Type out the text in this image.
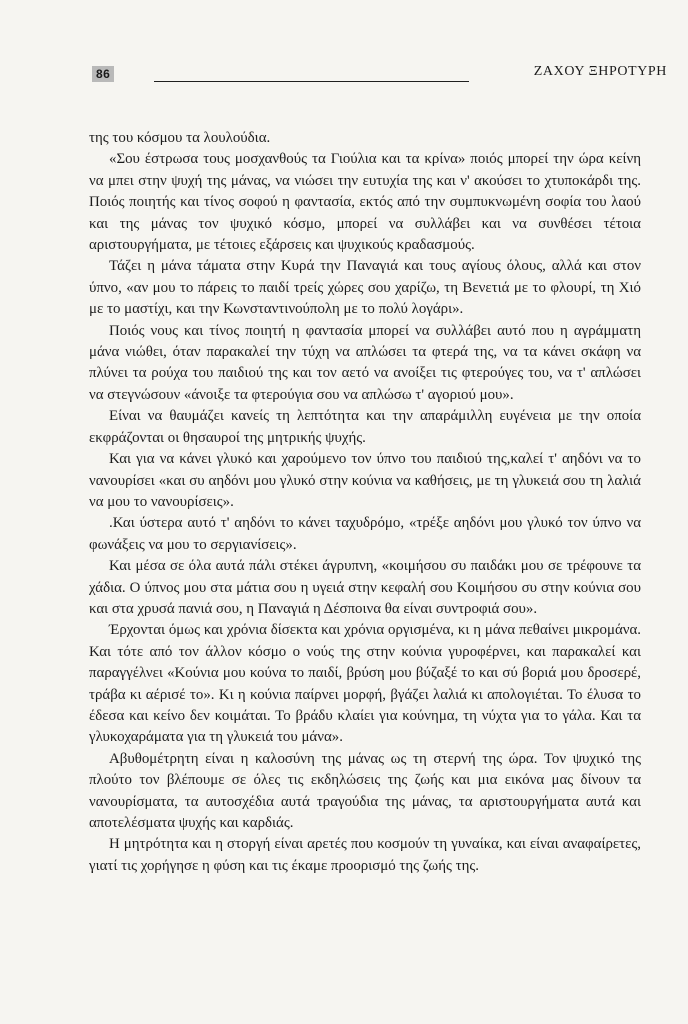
86	ΖΑΧΟΥ ΞΗΡΟΤΥΡΗ

της του κόσμου τα λουλούδια.

«Σου έστρωσα τους μοσχανθούς τα Γιούλια και τα κρίνα» ποιός μπορεί την ώρα κείνη να μπει στην ψυχή της μάνας, να νιώσει την ευτυχία της και ν' ακούσει το χτυποκάρδι της. Ποιός ποιητής και τίνος σοφού η φαντασία, εκτός από την συμπυκνωμένη σοφία του λαού και της μάνας τον ψυχικό κόσμο, μπορεί να συλλάβει και να συνθέσει τέτοια αριστουργήματα, με τέτοιες εξάρσεις και ψυχικούς κραδασμούς.

Τάζει η μάνα τάματα στην Κυρά την Παναγιά και τους αγίους όλους, αλλά και στον ύπνο, «αν μου το πάρεις το παιδί τρείς χώρες σου χαρίζω, τη Βενετιά με το φλουρί, τη Χιό με το μαστίχι, και την Κωνσταντινούπολη με το πολύ λογάρι».

Ποιός νους και τίνος ποιητή η φαντασία μπορεί να συλλάβει αυτό που η αγράμματη μάνα νιώθει, όταν παρακαλεί την τύχη να απλώσει τα φτερά της, να τα κάνει σκάφη να πλύνει τα ρούχα του παιδιού της και τον αετό να ανοίξει τις φτερούγες του, να τ' απλώσει να στεγνώσουν «άνοιξε τα φτερούγια σου να απλώσω τ' αγοριού μου».

Είναι να θαυμάζει κανείς τη λεπτότητα και την απαράμιλλη ευγένεια με την οποία εκφράζονται οι θησαυροί της μητρικής ψυχής.

Και για να κάνει γλυκό και χαρούμενο τον ύπνο του παιδιού της,καλεί τ' αηδόνι να το νανουρίσει «και συ αηδόνι μου γλυκό στην κούνια να καθήσεις, με τη γλυκειά σου τη λαλιά να μου το νανουρίσεις».

.Και ύστερα αυτό τ' αηδόνι το κάνει ταχυδρόμο, «τρέξε αηδόνι μου γλυκό τον ύπνο να φωνάξεις να μου το σεργιανίσεις».

Και μέσα σε όλα αυτά πάλι στέκει άγρυπνη, «κοιμήσου συ παιδάκι μου σε τρέφουνε τα χάδια. Ο ύπνος μου στα μάτια σου η υγειά στην κεφαλή σου Κοιμήσου συ στην κούνια σου και στα χρυσά πανιά σου, η Παναγιά η Δέσποινα θα είναι συντροφιά σου».

Έρχονται όμως και χρόνια δίσεκτα και χρόνια οργισμένα, κι η μάνα πεθαίνει μικρομάνα. Και τότε από τον άλλον κόσμο ο νούς της στην κούνια γυροφέρνει, και παρακαλεί και παραγγέλνει «Κούνια μου κούνα το παιδί, βρύση μου βύζαξέ το και σύ βοριά μου δροσερέ, τράβα κι αέρισέ το». Κι η κούνια παίρνει μορφή, βγάζει λαλιά κι απολογιέται. Το έλυσα το έδεσα και κείνο δεν κοιμάται. Το βράδυ κλαίει για κούνημα, τη νύχτα για το γάλα. Και τα γλυκοχαράματα για τη γλυκειά του μάνα».

Αβυθομέτρητη είναι η καλοσύνη της μάνας ως τη στερνή της ώρα. Τον ψυχικό της πλούτο τον βλέπουμε σε όλες τις εκδηλώσεις της ζωής και μια εικόνα μας δίνουν τα νανουρίσματα, τα αυτοσχέδια αυτά τραγούδια της μάνας, τα αριστουργήματα αυτά και αποτελέσματα ψυχής και καρδιάς.

Η μητρότητα και η στοργή είναι αρετές που κοσμούν τη γυναίκα, και είναι αναφαίρετες, γιατί τις χορήγησε η φύση και τις έκαμε προορισμό της ζωής της.
